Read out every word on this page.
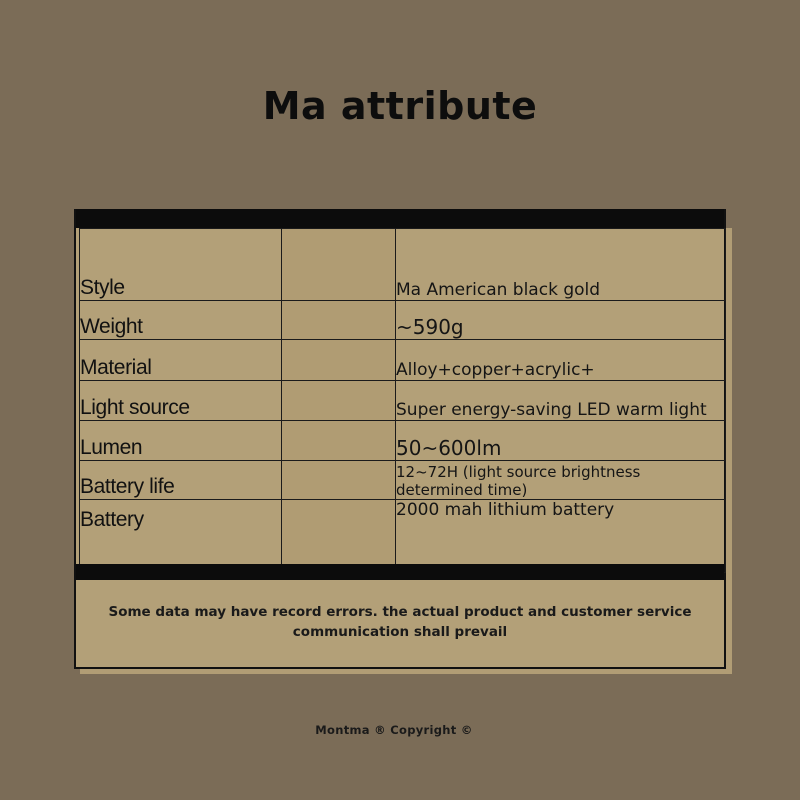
Ma attribute
Style		Ma American black gold
Weight		~590g
Material		Alloy+copper+acrylic+
Light source		Super energy-saving LED warm light
Lumen		50~600lm
Battery life		12~72H (light source brightness determined time)
Battery		2000 mah lithium battery
Some data may have record errors. the actual product and customer service communication shall prevail
Montma ® Copyright ©
